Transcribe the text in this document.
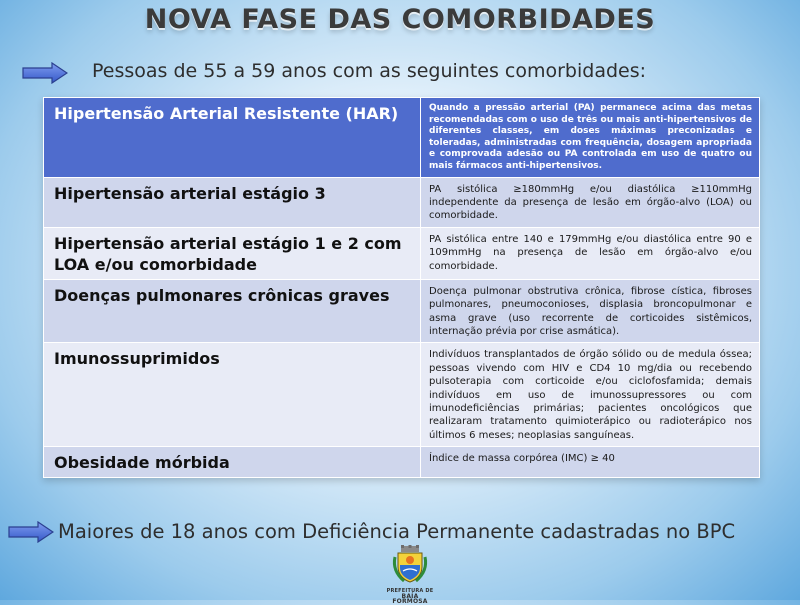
NOVA FASE DAS COMORBIDADES
Pessoas de 55 a 59 anos com as seguintes comorbidades:
Hipertensão Arterial Resistente (HAR)	Quando a pressão arterial (PA) permanece acima das metas recomendadas com o uso de três ou mais anti-hipertensivos de diferentes classes, em doses máximas preconizadas e toleradas, administradas com frequência, dosagem apropriada e comprovada adesão ou PA controlada em uso de quatro ou mais fármacos anti-hipertensivos.
Hipertensão arterial estágio 3	PA sistólica ≥180mmHg e/ou diastólica ≥110mmHg independente da presença de lesão em órgão-alvo (LOA) ou comorbidade.
Hipertensão arterial estágio 1 e 2 com LOA e/ou comorbidade	PA sistólica entre 140 e 179mmHg e/ou diastólica entre 90 e 109mmHg na presença de lesão em órgão-alvo e/ou comorbidade.
Doenças pulmonares crônicas graves	Doença pulmonar obstrutiva crônica, fibrose cística, fibroses pulmonares, pneumoconioses, displasia broncopulmonar e asma grave (uso recorrente de corticoides sistêmicos, internação prévia por crise asmática).
Imunossuprimidos	Indivíduos transplantados de órgão sólido ou de medula óssea; pessoas vivendo com HIV e CD4 10 mg/dia ou recebendo pulsoterapia com corticoide e/ou ciclofosfamida; demais indivíduos em uso de imunossupressores ou com imunodeficiências primárias; pacientes oncológicos que realizaram tratamento quimioterápico ou radioterápico nos últimos 6 meses; neoplasias sanguíneas.
Obesidade mórbida	Índice de massa corpórea (IMC) ≥ 40
Maiores de 18 anos com Deficiência Permanente cadastradas no BPC
PREFEITURA DE
BAÍA FORMOSA
